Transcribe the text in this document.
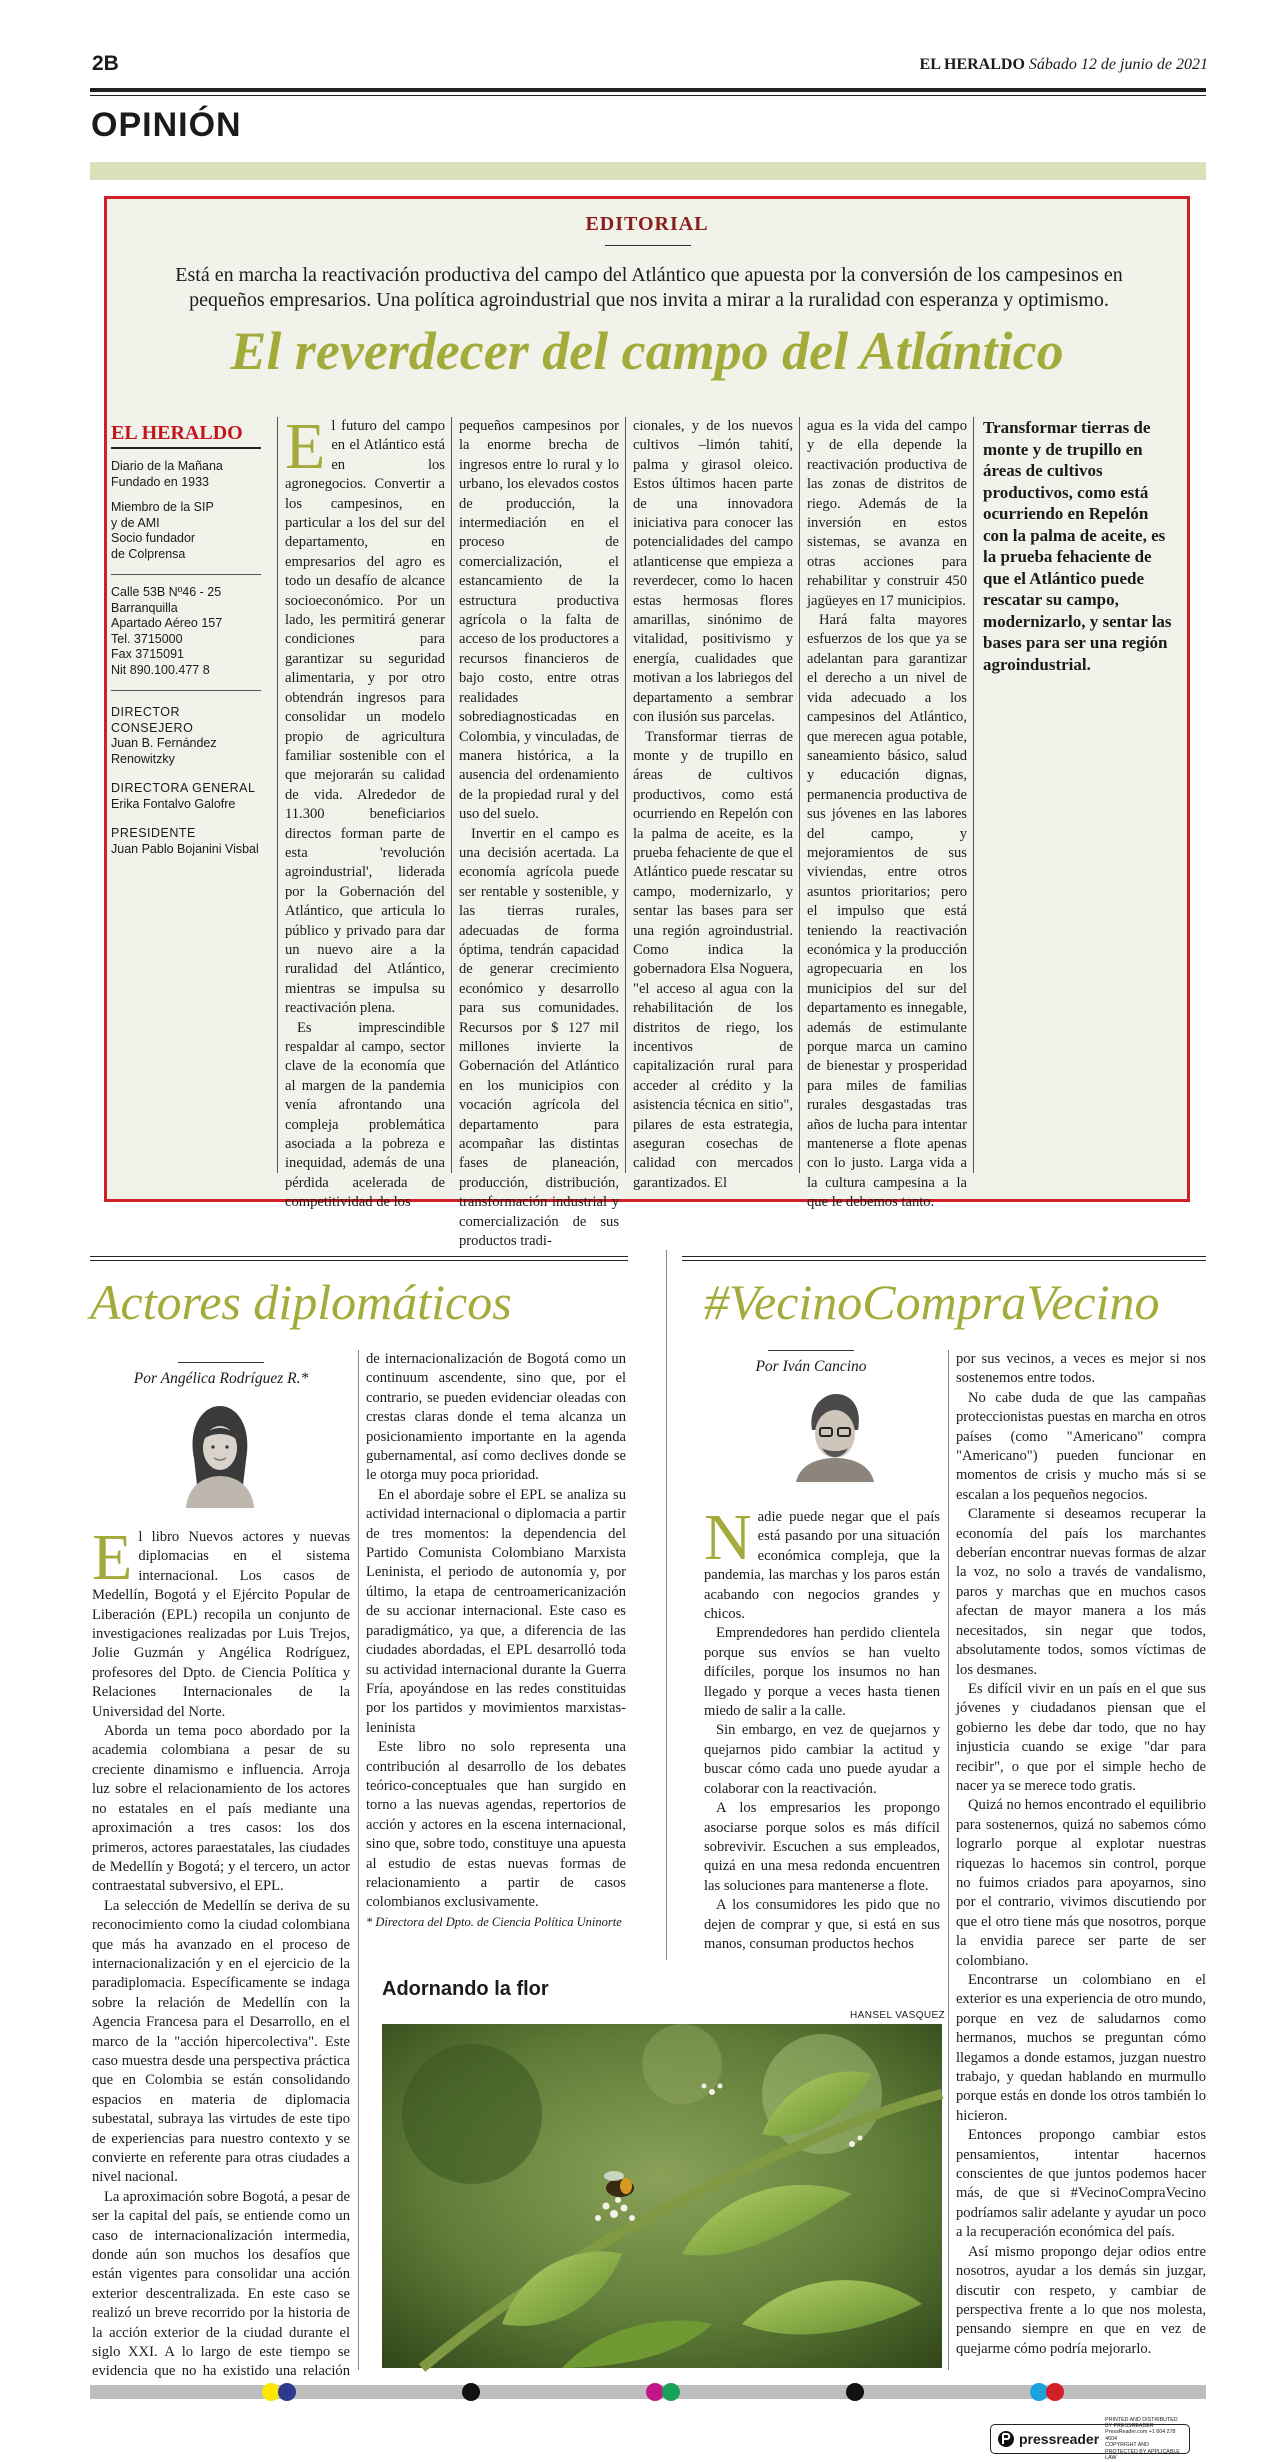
2B	EL HERALDO Sábado 12 de junio de 2021
OPINIÓN
EDITORIAL
Está en marcha la reactivación productiva del campo del Atlántico que apuesta por la conversión de los campesinos en pequeños empresarios. Una política agroindustrial que nos invita a mirar a la ruralidad con esperanza y optimismo.
El reverdecer del campo del Atlántico
EL HERALDO
Diario de la Mañana
Fundado en 1933
Miembro de la SIP
y de AMI
Socio fundador
de Colprensa
Calle 53B Nº46 - 25
Barranquilla
Apartado Aéreo 157
Tel. 3715000
Fax 3715091
Nit 890.100.477 8
DIRECTOR CONSEJERO
Juan B. Fernández Renowitzky
DIRECTORA GENERAL
Erika Fontalvo Galofre
PRESIDENTE
Juan Pablo Bojanini Visbal

El futuro del campo en el Atlántico está en los agronegocios. Convertir a los campesinos, en particular a los del sur del departamento, en empresarios del agro es todo un desafío de alcance socioeconómico. Por un lado, les permitirá generar condiciones para garantizar su seguridad alimentaria, y por otro obtendrán ingresos para consolidar un modelo propio de agricultura familiar sostenible con el que mejorarán su calidad de vida. Alrededor de 11.300 beneficiarios directos forman parte de esta 'revolución agroindustrial', liderada por la Gobernación del Atlántico, que articula lo público y privado para dar un nuevo aire a la ruralidad del Atlántico, mientras se impulsa su reactivación plena.

Es imprescindible respaldar al campo, sector clave de la economía que al margen de la pandemia venía afrontando una compleja problemática asociada a la pobreza e inequidad, además de una pérdida acelerada de competitividad de los

pequeños campesinos por la enorme brecha de ingresos entre lo rural y lo urbano, los elevados costos de producción, la intermediación en el proceso de comercialización, el estancamiento de la estructura productiva agrícola o la falta de acceso de los productores a recursos financieros de bajo costo, entre otras realidades sobrediagnosticadas en Colombia, y vinculadas, de manera histórica, a la ausencia del ordenamiento de la propiedad rural y del uso del suelo.

Invertir en el campo es una decisión acertada. La economía agrícola puede ser rentable y sostenible, y las tierras rurales, adecuadas de forma óptima, tendrán capacidad de generar crecimiento económico y desarrollo para sus comunidades. Recursos por $ 127 mil millones invierte la Gobernación del Atlántico en los municipios con vocación agrícola del departamento para acompañar las distintas fases de planeación, producción, distribución, transformación industrial y comercialización de sus productos tradi-

cionales, y de los nuevos cultivos –limón tahití, palma y girasol oleico. Estos últimos hacen parte de una innovadora iniciativa para conocer las potencialidades del campo atlanticense que empieza a reverdecer, como lo hacen estas hermosas flores amarillas, sinónimo de vitalidad, positivismo y energía, cualidades que motivan a los labriegos del departamento a sembrar con ilusión sus parcelas.

Transformar tierras de monte y de trupillo en áreas de cultivos productivos, como está ocurriendo en Repelón con la palma de aceite, es la prueba fehaciente de que el Atlántico puede rescatar su campo, modernizarlo, y sentar las bases para ser una región agroindustrial. Como indica la gobernadora Elsa Noguera, "el acceso al agua con la rehabilitación de los distritos de riego, los incentivos de capitalización rural para acceder al crédito y la asistencia técnica en sitio", pilares de esta estrategia, aseguran cosechas de calidad con mercados garantizados. El

agua es la vida del campo y de ella depende la reactivación productiva de las zonas de distritos de riego. Además de la inversión en estos sistemas, se avanza en otras acciones para rehabilitar y construir 450 jagüeyes en 17 municipios.

Hará falta mayores esfuerzos de los que ya se adelantan para garantizar el derecho a un nivel de vida adecuado a los campesinos del Atlántico, que merecen agua potable, saneamiento básico, salud y educación dignas, permanencia productiva de sus jóvenes en las labores del campo, y mejoramientos de sus viviendas, entre otros asuntos prioritarios; pero el impulso que está teniendo la reactivación económica y la producción agropecuaria en los municipios del sur del departamento es innegable, además de estimulante porque marca un camino de bienestar y prosperidad para miles de familias rurales desgastadas tras años de lucha para intentar mantenerse a flote apenas con lo justo. Larga vida a la cultura campesina a la que le debemos tanto.

Transformar tierras de monte y de trupillo en áreas de cultivos productivos, como está ocurriendo en Repelón con la palma de aceite, es la prueba fehaciente de que el Atlántico puede rescatar su campo, modernizarlo, y sentar las bases para ser una región agroindustrial.
Actores diplomáticos
Por Angélica Rodríguez R.*

El libro Nuevos actores y nuevas diplomacias en el sistema internacional. Los casos de Medellín, Bogotá y el Ejército Popular de Liberación (EPL) recopila un conjunto de investigaciones realizadas por Luis Trejos, Jolie Guzmán y Angélica Rodríguez, profesores del Dpto. de Ciencia Política y Relaciones Internacionales de la Universidad del Norte.

Aborda un tema poco abordado por la academia colombiana a pesar de su creciente dinamismo e influencia. Arroja luz sobre el relacionamiento de los actores no estatales en el país mediante una aproximación a tres casos: los dos primeros, actores paraestatales, las ciudades de Medellín y Bogotá; y el tercero, un actor contraestatal subversivo, el EPL.

La selección de Medellín se deriva de su reconocimiento como la ciudad colombiana que más ha avanzado en el proceso de internacionalización y en el ejercicio de la paradiplomacia. Específicamente se indaga sobre la relación de Medellín con la Agencia Francesa para el Desarrollo, en el marco de la "acción hipercolectiva". Este caso muestra desde una perspectiva práctica que en Colombia se están consolidando espacios en materia de diplomacia subestatal, subraya las virtudes de este tipo de experiencias para nuestro contexto y se convierte en referente para otras ciudades a nivel nacional.

La aproximación sobre Bogotá, a pesar de ser la capital del país, se entiende como un caso de internacionalización intermedia, donde aún son muchos los desafíos que están vigentes para consolidar una acción exterior descentralizada. En este caso se realizó un breve recorrido por la historia de la acción exterior de la ciudad durante el siglo XXI. A lo largo de este tiempo se evidencia que no ha existido una relación

de internacionalización de Bogotá como un continuum ascendente, sino que, por el contrario, se pueden evidenciar oleadas con crestas claras donde el tema alcanza un posicionamiento importante en la agenda gubernamental, así como declives donde se le otorga muy poca prioridad.

En el abordaje sobre el EPL se analiza su actividad internacional o diplomacia a partir de tres momentos: la dependencia del Partido Comunista Colombiano Marxista Leninista, el periodo de autonomía y, por último, la etapa de centroamericanización de su accionar internacional. Este caso es paradigmático, ya que, a diferencia de las ciudades abordadas, el EPL desarrolló toda su actividad internacional durante la Guerra Fría, apoyándose en las redes constituidas por los partidos y movimientos marxistas-leninista

Este libro no solo representa una contribución al desarrollo de los debates teórico-conceptuales que han surgido en torno a las nuevas agendas, repertorios de acción y actores en la escena internacional, sino que, sobre todo, constituye una apuesta al estudio de estas nuevas formas de relacionamiento a partir de casos colombianos exclusivamente.

* Directora del Dpto. de Ciencia Política Uninorte

Adornando la flor
HANSEL VASQUEZ
#VecinoCompraVecino
Por Iván Cancino

Nadie puede negar que el país está pasando por una situación económica compleja, que la pandemia, las marchas y los paros están acabando con negocios grandes y chicos.

Emprendedores han perdido clientela porque sus envíos se han vuelto difíciles, porque los insumos no han llegado y porque a veces hasta tienen miedo de salir a la calle.

Sin embargo, en vez de quejarnos y quejarnos pido cambiar la actitud y buscar cómo cada uno puede ayudar a colaborar con la reactivación.

A los empresarios les propongo asociarse porque solos es más difícil sobrevivir. Escuchen a sus empleados, quizá en una mesa redonda encuentren las soluciones para mantenerse a flote.

A los consumidores les pido que no dejen de comprar y que, si está en sus manos, consuman productos hechos

por sus vecinos, a veces es mejor si nos sostenemos entre todos.

No cabe duda de que las campañas proteccionistas puestas en marcha en otros países (como "Americano" compra "Americano") pueden funcionar en momentos de crisis y mucho más si se escalan a los pequeños negocios.

Claramente si deseamos recuperar la economía del país los marchantes deberían encontrar nuevas formas de alzar la voz, no solo a través de vandalismo, paros y marchas que en muchos casos afectan de mayor manera a los más necesitados, sin negar que todos, absolutamente todos, somos víctimas de los desmanes.

Es difícil vivir en un país en el que sus jóvenes y ciudadanos piensan que el gobierno les debe dar todo, que no hay injusticia cuando se exige "dar para recibir", o que por el simple hecho de nacer ya se merece todo gratis.

Quizá no hemos encontrado el equilibrio para sostenernos, quizá no sabemos cómo lograrlo porque al explotar nuestras riquezas lo hacemos sin control, porque no fuimos criados para apoyarnos, sino por el contrario, vivimos discutiendo por que el otro tiene más que nosotros, porque la envidia parece ser parte de ser colombiano.

Encontrarse un colombiano en el exterior es una experiencia de otro mundo, porque en vez de saludarnos como hermanos, muchos se preguntan cómo llegamos a donde estamos, juzgan nuestro trabajo, y quedan hablando en murmullo porque estás en donde los otros también lo hicieron.

Entonces propongo cambiar estos pensamientos, intentar hacernos conscientes de que juntos podemos hacer más, de que si #VecinoCompraVecino podríamos salir adelante y ayudar un poco a la recuperación económica del país.

Así mismo propongo dejar odios entre nosotros, ayudar a los demás sin juzgar, discutir con respeto, y cambiar de perspectiva frente a lo que nos molesta, pensando siempre en que en vez de quejarme cómo podría mejorarlo.

pressreader
PRINTED AND DISTRIBUTED BY PRESSREADER
PressReader.com +1 604 278 4604
COPYRIGHT AND PROTECTED BY APPLICABLE LAW
